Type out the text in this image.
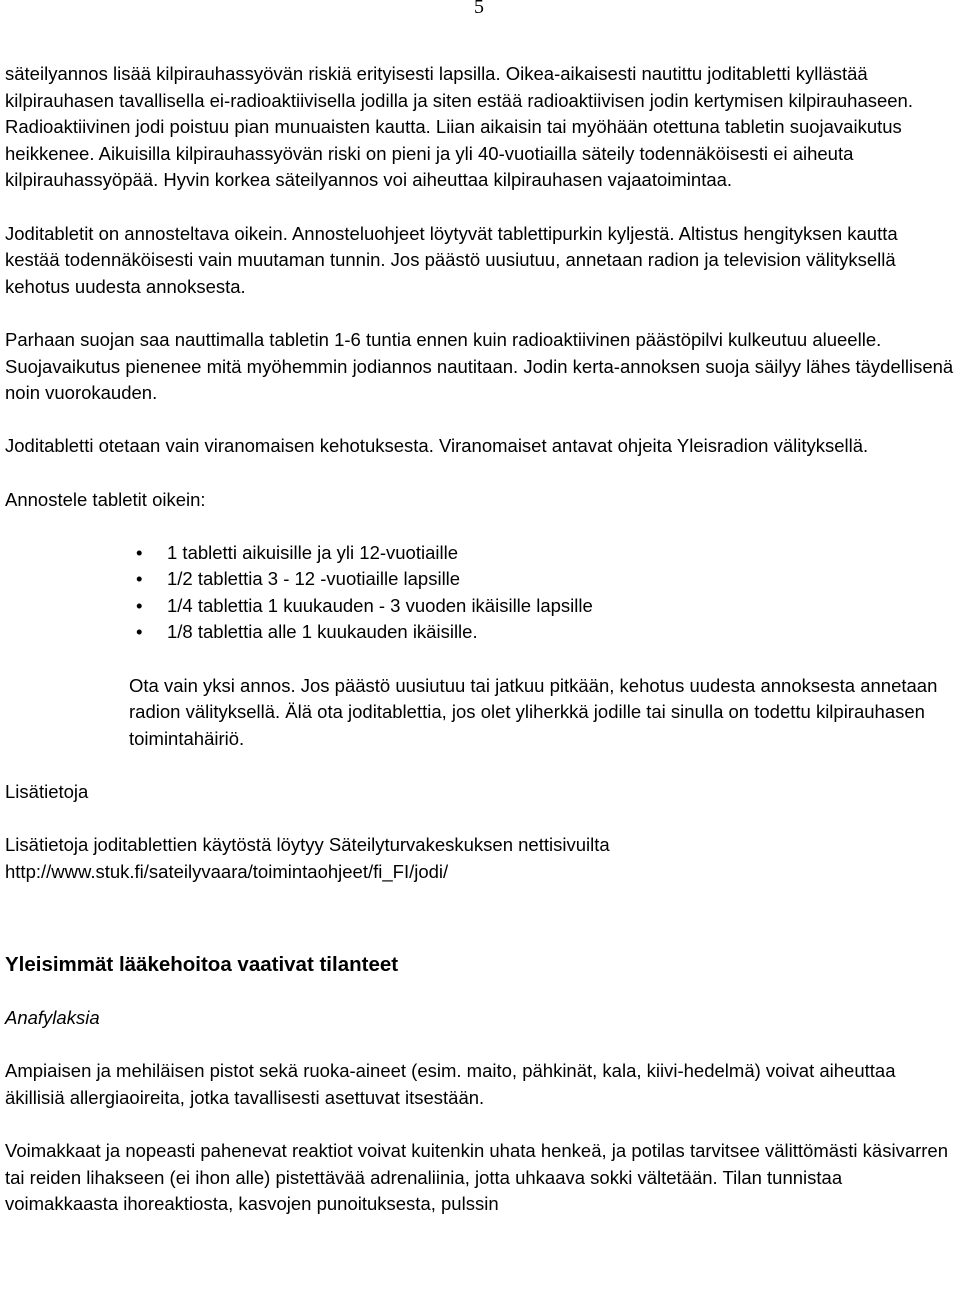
5

säteilyannos lisää kilpirauhassyövän riskiä erityisesti lapsilla. Oikea-aikaisesti nautittu joditabletti kyllästää kilpirauhasen tavallisella ei-radioaktiivisella jodilla ja siten estää radioaktiivisen jodin kertymisen kilpirauhaseen. Radioaktiivinen jodi poistuu pian munuaisten kautta. Liian aikaisin tai myöhään otettuna tabletin suojavaikutus heikkenee. Aikuisilla kilpirauhassyövän riski on pieni ja yli 40-vuotiailla säteily todennäköisesti ei aiheuta kilpirauhassyöpää. Hyvin korkea säteilyannos voi aiheuttaa kilpirauhasen vajaatoimintaa.

Joditabletit on annosteltava oikein. Annosteluohjeet löytyvät tablettipurkin kyljestä. Altistus hengityksen kautta kestää todennäköisesti vain muutaman tunnin. Jos päästö uusiutuu, annetaan radion ja television välityksellä kehotus uudesta annoksesta.

Parhaan suojan saa nauttimalla tabletin 1-6 tuntia ennen kuin radioaktiivinen päästöpilvi kulkeutuu alueelle. Suojavaikutus pienenee mitä myöhemmin jodiannos nautitaan. Jodin kerta-annoksen suoja säilyy lähes täydellisenä noin vuorokauden.

Joditabletti otetaan vain viranomaisen kehotuksesta. Viranomaiset antavat ohjeita Yleisradion välityksellä.

Annostele tabletit oikein:

• 1 tabletti aikuisille ja yli 12-vuotiaille
• 1/2 tablettia 3 - 12 -vuotiaille lapsille
• 1/4 tablettia 1 kuukauden - 3 vuoden ikäisille lapsille
• 1/8 tablettia alle 1 kuukauden ikäisille.

Ota vain yksi annos. Jos päästö uusiutuu tai jatkuu pitkään, kehotus uudesta annoksesta annetaan radion välityksellä. Älä ota joditablettia, jos olet yliherkkä jodille tai sinulla on todettu kilpirauhasen toimintahäiriö.

Lisätietoja

Lisätietoja joditablettien käytöstä löytyy Säteilyturvakeskuksen nettisivuilta

http://www.stuk.fi/sateilyvaara/toimintaohjeet/fi_FI/jodi/

Yleisimmät lääkehoitoa vaativat tilanteet

Anafylaksia

Ampiaisen ja mehiläisen pistot sekä ruoka-aineet (esim. maito, pähkinät, kala, kiivi-hedelmä) voivat aiheuttaa äkillisiä allergiaoireita, jotka tavallisesti asettuvat itsestään.

Voimakkaat ja nopeasti pahenevat reaktiot voivat kuitenkin uhata henkeä, ja potilas tarvitsee välittömästi käsivarren tai reiden lihakseen (ei ihon alle) pistettävää adrenaliinia, jotta uhkaava sokki vältetään. Tilan tunnistaa voimakkaasta ihoreaktiosta, kasvojen punoituksesta, pulssin
